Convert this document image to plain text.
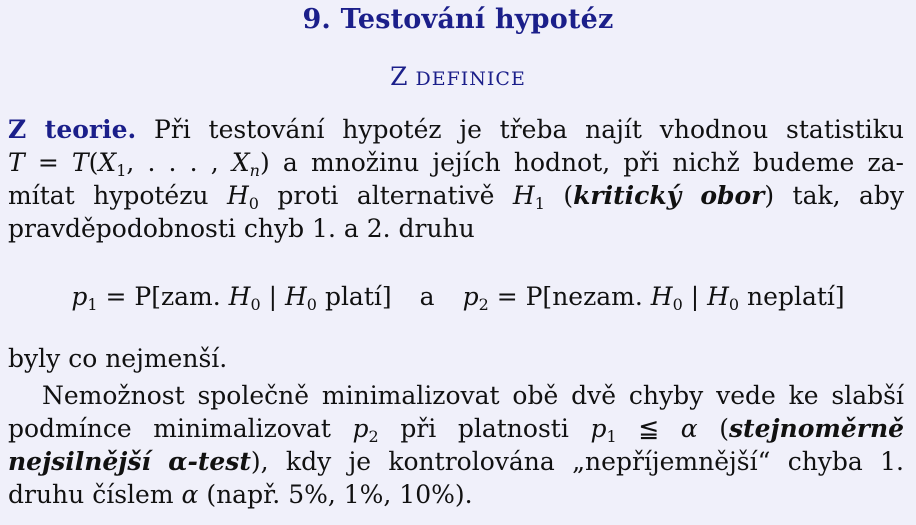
9. Testování hypotéz
Z DEFINICE
Z teorie. Při testování hypotéz je třeba najít vhodnou statistiku
$T = T(X_1$, . . . , $X_n$) a množinu jejích hodnot, při nichž budeme za-
mítat hypotézu $H_0$ proti alternativě $H_1$ (kritický obor) tak, aby
pravděpodobnosti chyb 1. a 2. druhu
$p_1 = P[zam$. $H_0$ | $H_0$ platí] a $p_2$ = P[nezam. $H_0$ | $H_0$ neplatí]
byly co nejmenší.
Nemožnost společně minimalizovat obě dvě chyby vede ke slabší
podmínce minimalizovat $p_2$ při platnosti $p_1$ ≦ α (stejnoměrně
nejsilnější α-test), kdy je kontrolována „nepříjemnější“ chyba 1.
druhu číslem α (např. 5%, 1%, 10%).
